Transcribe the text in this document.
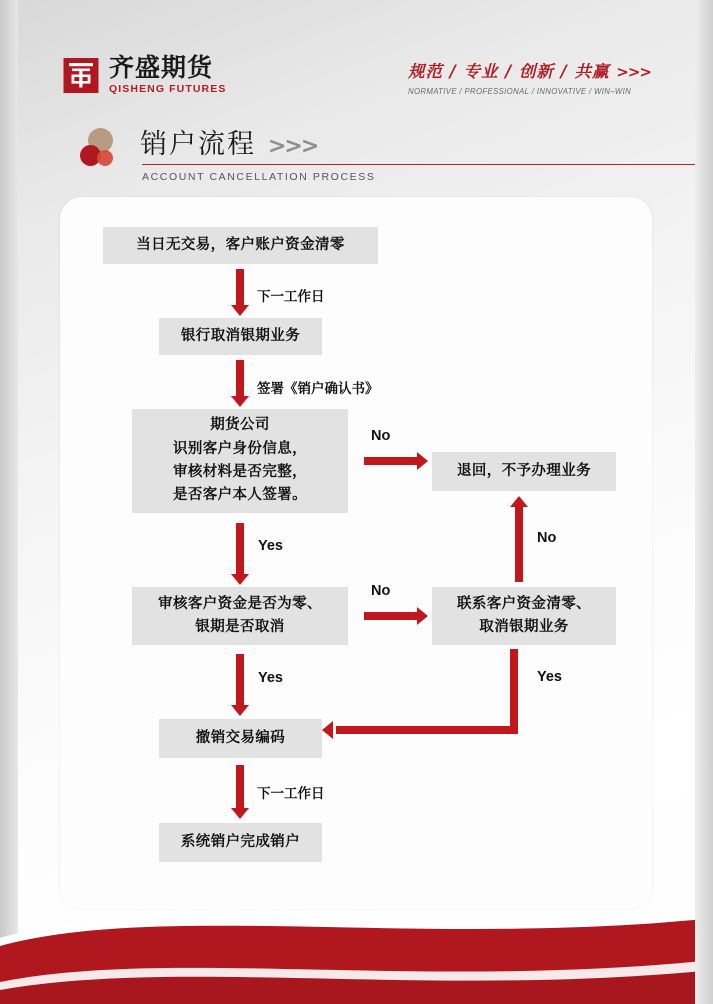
齐盛期货
QISHENG FUTURES
规范 / 专业 / 创新 / 共赢 >>>
NORMATIVE / PROFESSIONAL / INNOVATIVE / WIN–WIN
销户流程 >>>
ACCOUNT CANCELLATION PROCESS
当日无交易，客户账户资金清零
下一工作日
银行取消银期业务
签署《销户确认书》
期货公司
识别客户身份信息，
审核材料是否完整，
是否客户本人签署。
No
退回，不予办理业务
Yes
审核客户资金是否为零、
银期是否取消
No
联系客户资金清零、
取消银期业务
No
Yes
撤销交易编码
Yes
下一工作日
系统销户完成销户
